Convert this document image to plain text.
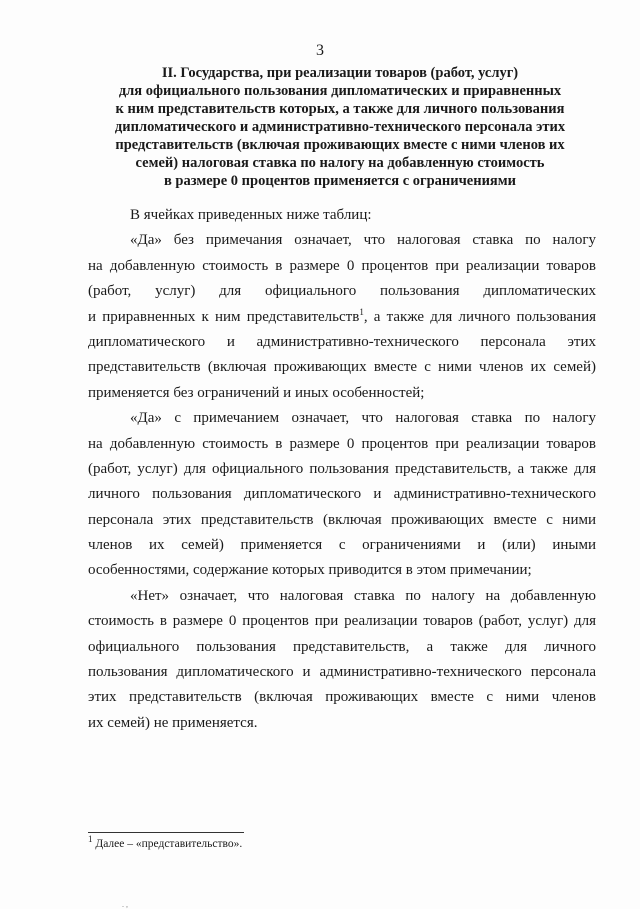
3
II. Государства, при реализации товаров (работ, услуг)
для официального пользования дипломатических и приравненных
к ним представительств которых, а также для личного пользования
дипломатического и административно-технического персонала этих
представительств (включая проживающих вместе с ними членов их
семей) налоговая ставка по налогу на добавленную стоимость
в размере 0 процентов применяется с ограничениями
В ячейках приведенных ниже таблиц:
«Да» без примечания означает, что налоговая ставка по налогу
на добавленную стоимость в размере 0 процентов при реализации товаров
(работ, услуг) для официального пользования дипломатических
и приравненных к ним представительств$^1$, а также для личного пользования
дипломатического и административно-технического персонала этих
представительств (включая проживающих вместе с ними членов их семей)
применяется без ограничений и иных особенностей;
«Да» с примечанием означает, что налоговая ставка по налогу
на добавленную стоимость в размере 0 процентов при реализации товаров
(работ, услуг) для официального пользования представительств, а также для
личного пользования дипломатического и административно-технического
персонала этих представительств (включая проживающих вместе с ними
членов их семей) применяется с ограничениями и (или) иными
особенностями, содержание которых приводится в этом примечании;
«Нет» означает, что налоговая ставка по налогу на добавленную
стоимость в размере 0 процентов при реализации товаров (работ, услуг) для
официального пользования представительств, а также для личного
пользования дипломатического и административно-технического персонала
этих представительств (включая проживающих вместе с ними членов
их семей) не применяется.
$^1$ Далее – «представительство».
. ,
